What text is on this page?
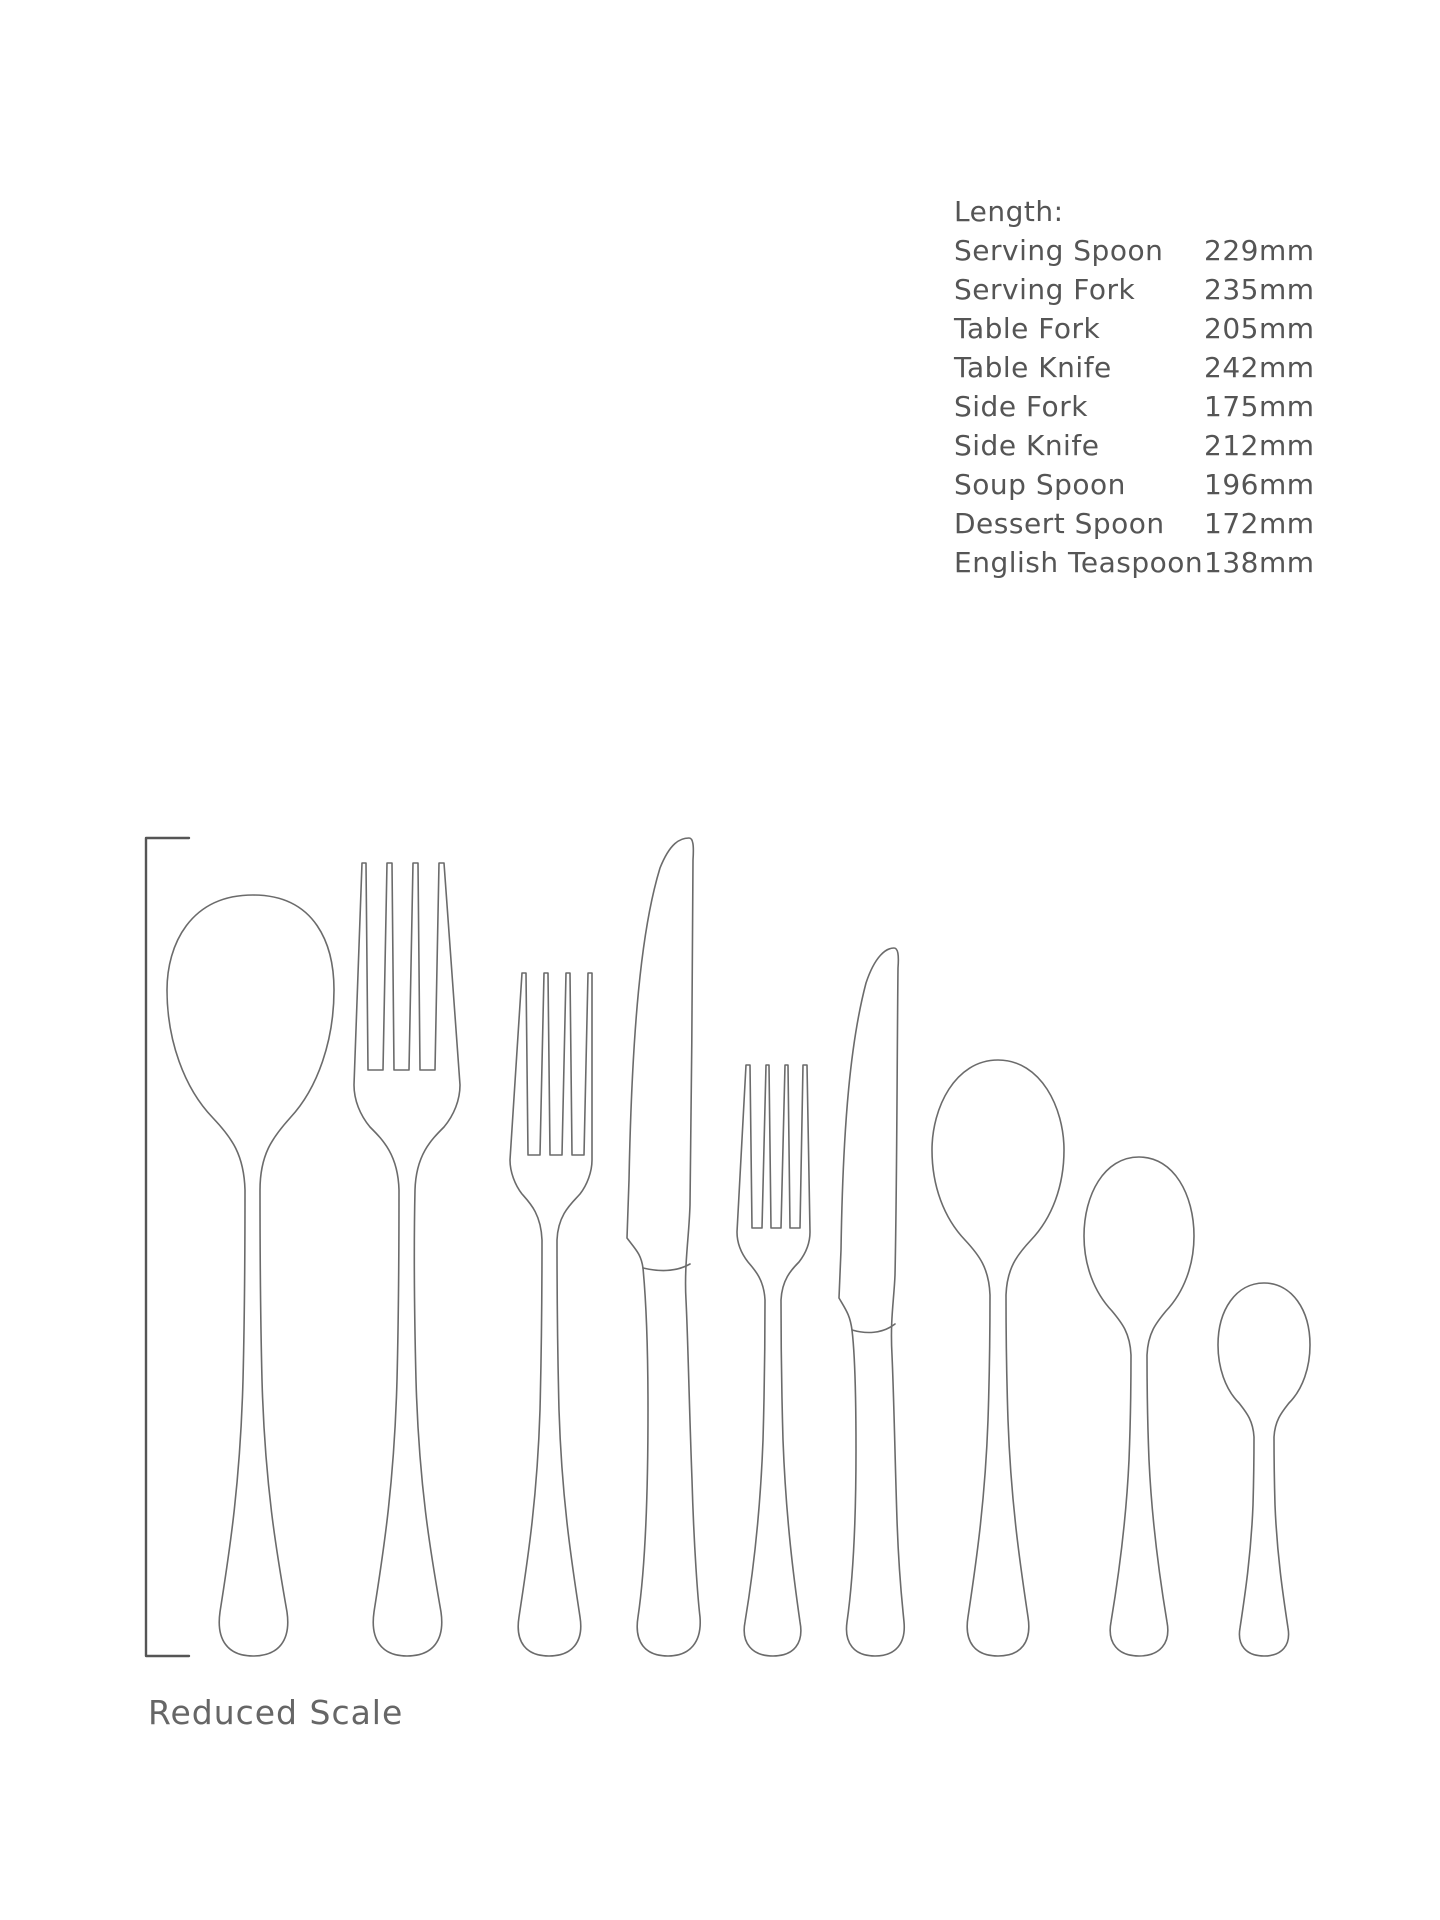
Length:
Serving Spoon	229mm
Serving Fork	235mm
Table Fork	205mm
Table Knife	242mm
Side Fork	175mm
Side Knife	212mm
Soup Spoon	196mm
Dessert Spoon	172mm
English Teaspoon	138mm
Reduced Scale
